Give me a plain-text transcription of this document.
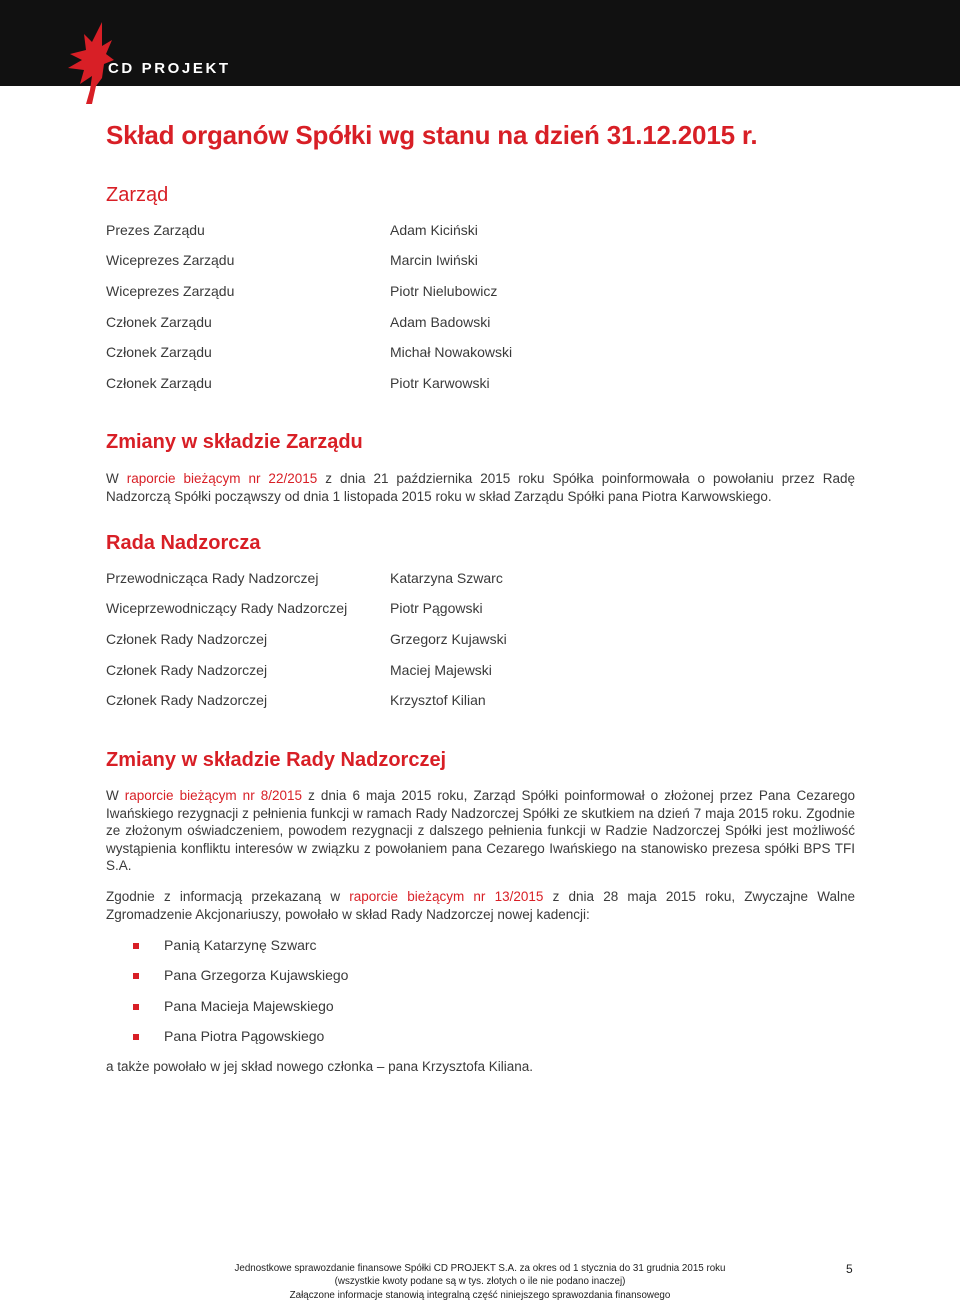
CD PROJEKT
Skład organów Spółki wg stanu na dzień 31.12.2015 r.
Zarząd
Prezes Zarządu	Adam Kiciński
Wiceprezes Zarządu	Marcin Iwiński
Wiceprezes Zarządu	Piotr Nielubowicz
Członek Zarządu	Adam Badowski
Członek Zarządu	Michał Nowakowski
Członek Zarządu	Piotr Karwowski
Zmiany w składzie Zarządu

W raporcie bieżącym nr 22/2015 z dnia 21 października 2015 roku Spółka poinformowała o powołaniu przez Radę Nadzorczą Spółki począwszy od dnia 1 listopada 2015 roku w skład Zarządu Spółki pana Piotra Karwowskiego.

Rada Nadzorcza
Przewodnicząca Rady Nadzorczej	Katarzyna Szwarc
Wiceprzewodniczący Rady Nadzorczej	Piotr Pągowski
Członek Rady Nadzorczej	Grzegorz Kujawski
Członek Rady Nadzorczej	Maciej Majewski
Członek Rady Nadzorczej	Krzysztof Kilian
Zmiany w składzie Rady Nadzorczej

W raporcie bieżącym nr 8/2015 z dnia 6 maja 2015 roku, Zarząd Spółki poinformował o złożonej przez Pana Cezarego Iwańskiego rezygnacji z pełnienia funkcji w ramach Rady Nadzorczej Spółki ze skutkiem na dzień 7 maja 2015 roku. Zgodnie ze złożonym oświadczeniem, powodem rezygnacji z dalszego pełnienia funkcji w Radzie Nadzorczej Spółki jest możliwość wystąpienia konfliktu interesów w związku z powołaniem pana Cezarego Iwańskiego na stanowisko prezesa spółki BPS TFI S.A.

Zgodnie z informacją przekazaną w raporcie bieżącym nr 13/2015 z dnia 28 maja 2015 roku, Zwyczajne Walne Zgromadzenie Akcjonariuszy, powołało w skład Rady Nadzorczej nowej kadencji:

Panią Katarzynę Szwarc
Pana Grzegorza Kujawskiego
Pana Macieja Majewskiego
Pana Piotra Pągowskiego

a także powołało w jej skład nowego członka – pana Krzysztofa Kiliana.

Jednostkowe sprawozdanie finansowe Spółki CD PROJEKT S.A. za okres od 1 stycznia do 31 grudnia 2015 roku
(wszystkie kwoty podane są w tys. złotych o ile nie podano inaczej)
Załączone informacje stanowią integralną część niniejszego sprawozdania finansowego
5
